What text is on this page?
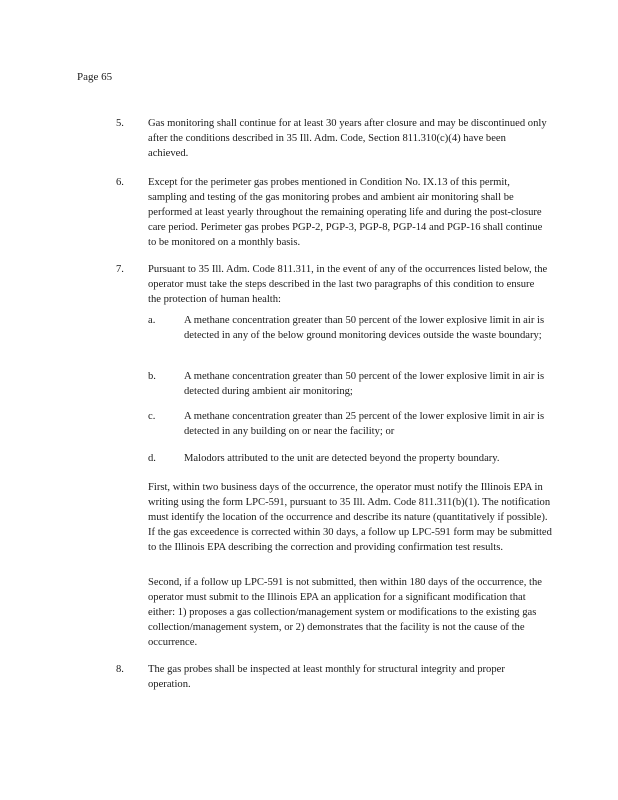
Page 65
5.	Gas monitoring shall continue for at least 30 years after closure and may be discontinued only after the conditions described in 35 Ill. Adm. Code, Section 811.310(c)(4) have been achieved.

6.	Except for the perimeter gas probes mentioned in Condition No. IX.13 of this permit, sampling and testing of the gas monitoring probes and ambient air monitoring shall be performed at least yearly throughout the remaining operating life and during the post-closure care period. Perimeter gas probes PGP-2, PGP-3, PGP-8, PGP-14 and PGP-16 shall continue to be monitored on a monthly basis.

7.	Pursuant to 35 Ill. Adm. Code 811.311, in the event of any of the occurrences listed below, the operator must take the steps described in the last two paragraphs of this condition to ensure the protection of human health:

a.	A methane concentration greater than 50 percent of the lower explosive limit in air is detected in any of the below ground monitoring devices outside the waste boundary;

b.	A methane concentration greater than 50 percent of the lower explosive limit in air is detected during ambient air monitoring;

c.	A methane concentration greater than 25 percent of the lower explosive limit in air is detected in any building on or near the facility; or

d.	Malodors attributed to the unit are detected beyond the property boundary.

First, within two business days of the occurrence, the operator must notify the Illinois EPA in writing using the form LPC-591, pursuant to 35 Ill. Adm. Code 811.311(b)(1). The notification must identify the location of the occurrence and describe its nature (quantitatively if possible). If the gas exceedence is corrected within 30 days, a follow up LPC-591 form may be submitted to the Illinois EPA describing the correction and providing confirmation test results.

Second, if a follow up LPC-591 is not submitted, then within 180 days of the occurrence, the operator must submit to the Illinois EPA an application for a significant modification that either: 1) proposes a gas collection/management system or modifications to the existing gas collection/management system, or 2) demonstrates that the facility is not the cause of the occurrence.

8.	The gas probes shall be inspected at least monthly for structural integrity and proper operation.
